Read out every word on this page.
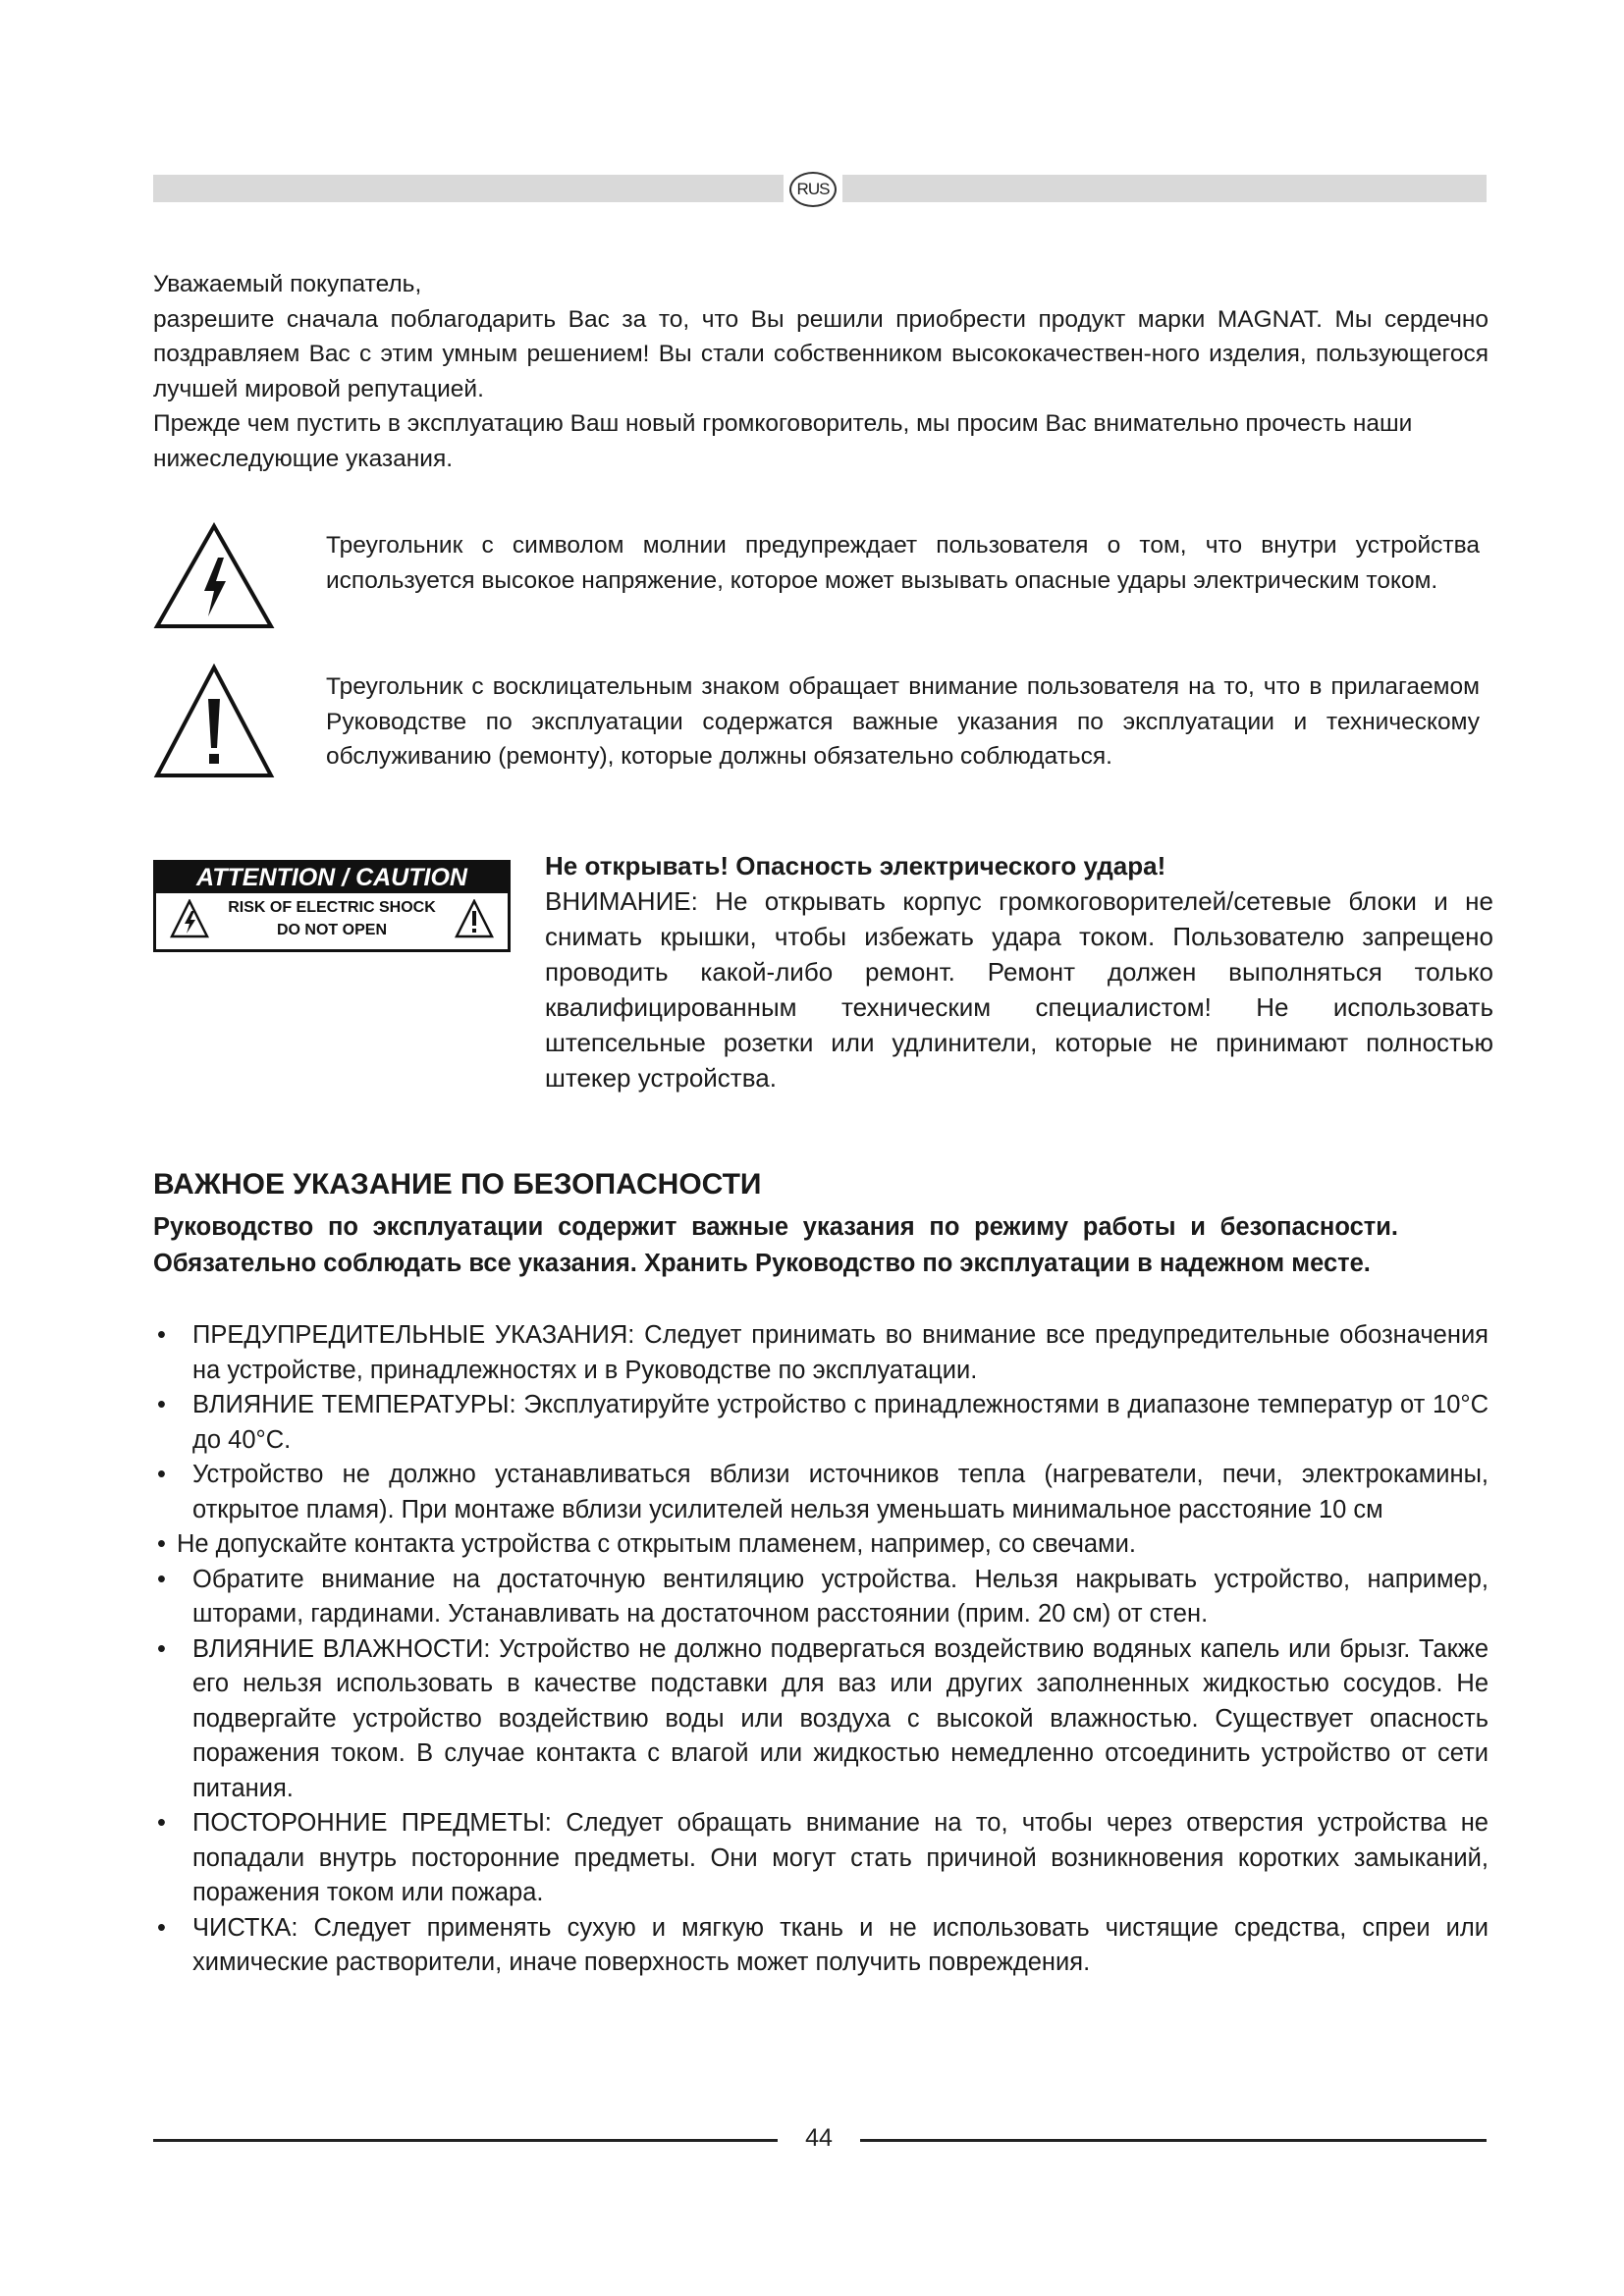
RUS

Уважаемый покупатель,

разрешите сначала поблагодарить Вас за то, что Вы решили приобрести продукт марки MAGNAT. Мы сердечно поздравляем Вас с этим умным решением! Вы стали собственником высококачествен-ного изделия, пользующегося лучшей мировой репутацией.

Прежде чем пустить в эксплуатацию Ваш новый громкоговоритель, мы просим Вас внимательно прочесть наши нижеследующие указания.

Треугольник с символом молнии предупреждает пользователя о том, что внутри устройства используется высокое напряжение, которое может вызывать опасные удары электрическим током.
Треугольник с восклицательным знаком обращает внимание пользователя на то, что в прилагаемом Руководстве по эксплуатации содержатся важные указания по эксплуатации и техническому обслуживанию (ремонту), которые должны обязательно соблюдаться.
ATTENTION / CAUTION
RISK OF ELECTRIC SHOCK
DO NOT OPEN
Не открывать! Опасность электрического удара!
ВНИМАНИЕ: Не открывать корпус громкоговорителей/сетевые блоки и не снимать крышки, чтобы избежать удара током. Пользователю запрещено проводить какой-либо ремонт. Ремонт должен выполняться только квалифицированным техническим специалистом! Не использовать штепсельные розетки или удлинители, которые не принимают полностью штекер устройства.
ВАЖНОЕ УКАЗАНИЕ ПО БЕЗОПАСНОСТИ
Руководство по эксплуатации содержит важные указания по режиму работы и безопасности. Обязательно соблюдать все указания. Хранить Руководство по эксплуатации в надежном месте.

• ПРЕДУПРЕДИТЕЛЬНЫЕ УКАЗАНИЯ: Следует принимать во внимание все предупредительные обозначения на устройстве, принадлежностях и в Руководстве по эксплуатации.

• ВЛИЯНИЕ ТЕМПЕРАТУРЫ: Эксплуатируйте устройство с принадлежностями в диапазоне температур от 10°С до 40°С.

• Устройство не должно устанавливаться вблизи источников тепла (нагреватели, печи, электрокамины, открытое пламя). При монтаже вблизи усилителей нельзя уменьшать минимальное расстояние 10 см

• Не допускайте контакта устройства с открытым пламенем, например, со свечами.

• Обратите внимание на достаточную вентиляцию устройства. Нельзя накрывать устройство, например, шторами, гардинами. Устанавливать на достаточном расстоянии (прим. 20 см) от стен.

• ВЛИЯНИЕ ВЛАЖНОСТИ: Устройство не должно подвергаться воздействию водяных капель или брызг. Также его нельзя использовать в качестве подставки для ваз или других заполненных жидкостью сосудов. Не подвергайте устройство воздействию воды или воздуха с высокой влажностью. Существует опасность поражения током. В случае контакта с влагой или жидкостью немедленно отсоединить устройство от сети питания.

• ПОСТОРОННИЕ ПРЕДМЕТЫ: Следует обращать внимание на то, чтобы через отверстия устройства не попадали внутрь посторонние предметы. Они могут стать причиной возникновения коротких замыканий, поражения током или пожара.

• ЧИСТКА: Следует применять сухую и мягкую ткань и не использовать чистящие средства, спреи или химические растворители, иначе поверхность может получить повреждения.

44
